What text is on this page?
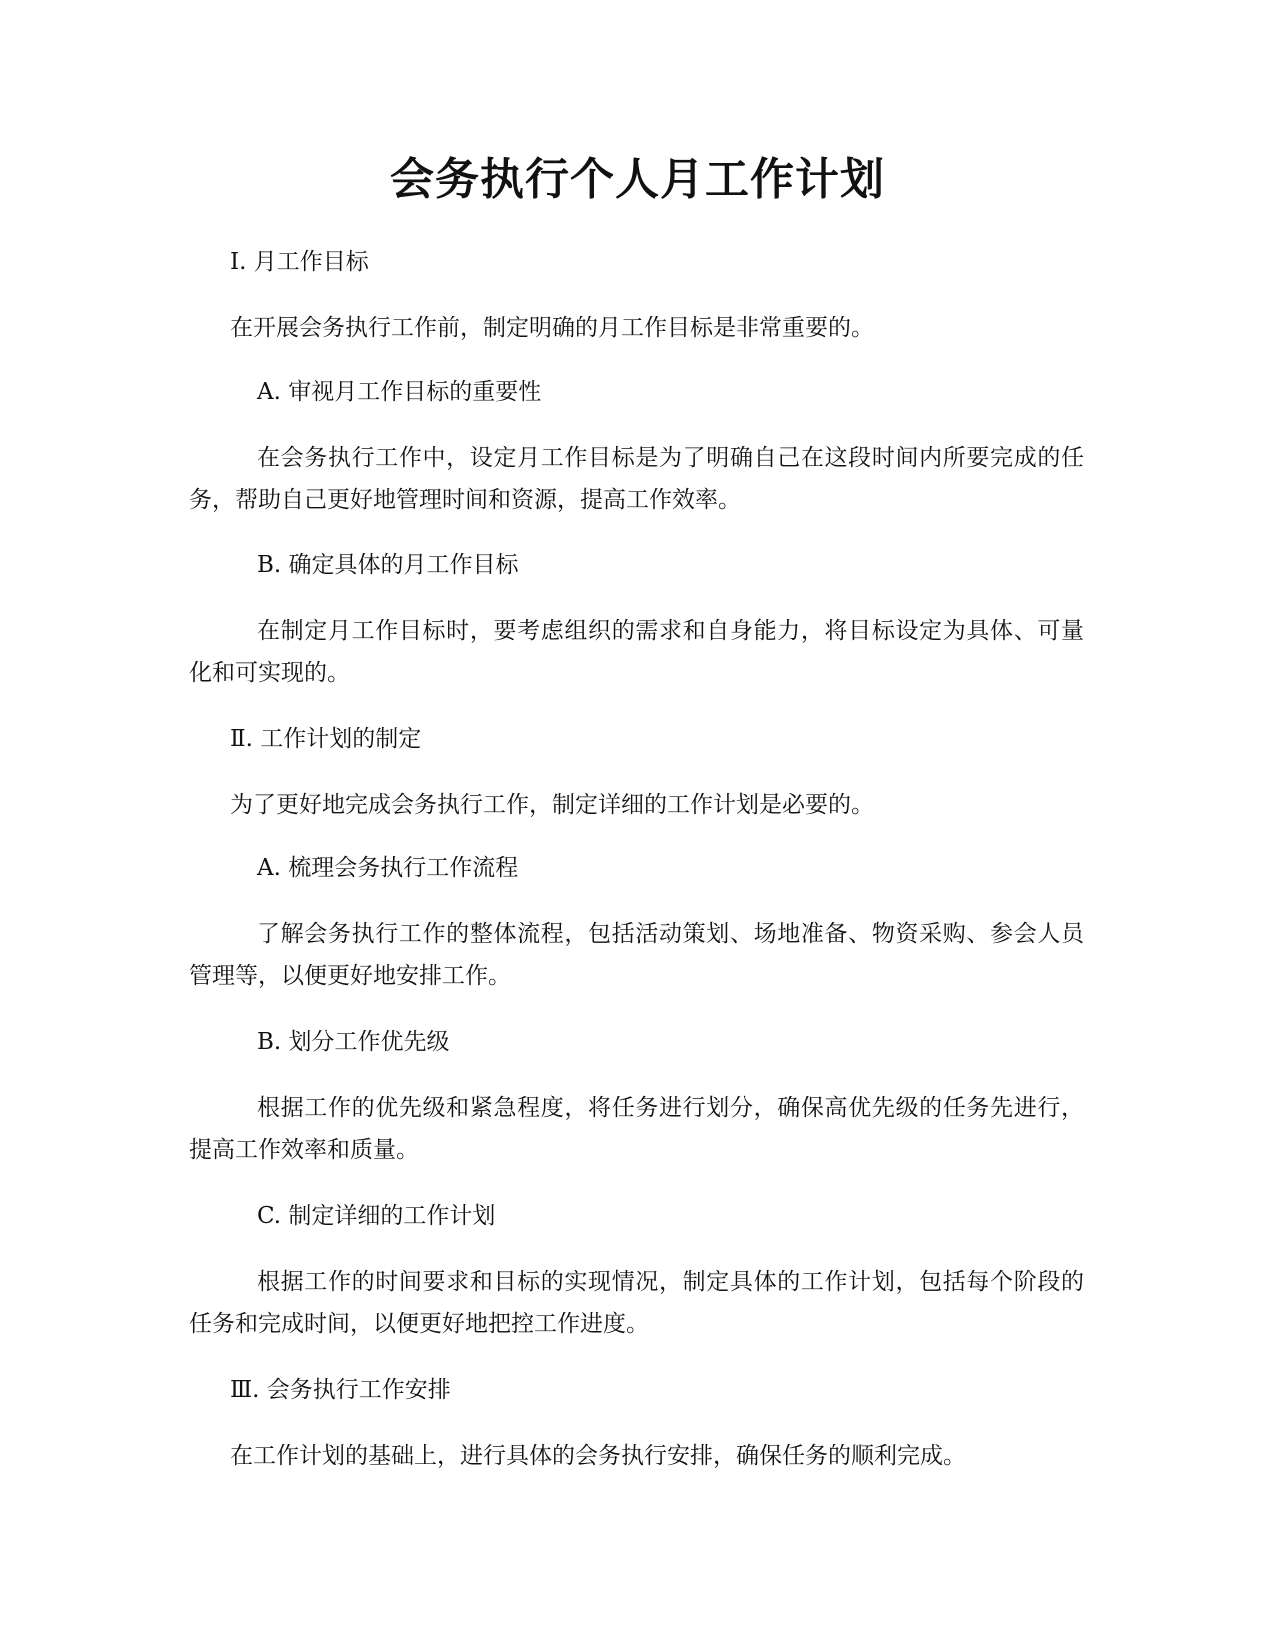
会务执行个人月工作计划
I. 月工作目标
在开展会务执行工作前，制定明确的月工作目标是非常重要的。
A. 审视月工作目标的重要性
在会务执行工作中，设定月工作目标是为了明确自己在这段时间内所要完成的任务，帮助自己更好地管理时间和资源，提高工作效率。
B. 确定具体的月工作目标
在制定月工作目标时，要考虑组织的需求和自身能力，将目标设定为具体、可量化和可实现的。
Ⅱ. 工作计划的制定
为了更好地完成会务执行工作，制定详细的工作计划是必要的。
A. 梳理会务执行工作流程
了解会务执行工作的整体流程，包括活动策划、场地准备、物资采购、参会人员管理等，以便更好地安排工作。
B. 划分工作优先级
根据工作的优先级和紧急程度，将任务进行划分，确保高优先级的任务先进行，提高工作效率和质量。
C. 制定详细的工作计划
根据工作的时间要求和目标的实现情况，制定具体的工作计划，包括每个阶段的任务和完成时间，以便更好地把控工作进度。
Ⅲ. 会务执行工作安排
在工作计划的基础上，进行具体的会务执行安排，确保任务的顺利完成。
